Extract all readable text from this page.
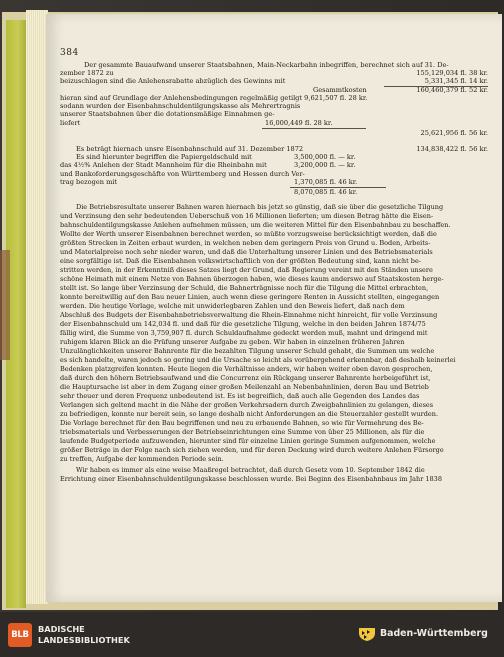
384
Der gesammte Bauaufwand unserer Staatsbahnen, Main-Neckarbahn inbegriffen, berechnet sich auf 31. De-
zember 1872 zu	155,129,034 fl. 38 kr.
beizuschlagen sind die Anlehensrabatte abzüglich des Gewinns mit	5,331,345 fl. 14 kr.
Gesammtkosten	160,460,379 fl. 52 kr.
hieran sind auf Grundlage der Anlehensbedingungen regelmäßig getilgt 9,621,507 fl. 28 kr.
sodann wurden der Eisenbahnschuldentilgungskasse als Mehrertragnis
unserer Staatsbahnen über die dotationsmäßige Einnahmen ge-
liefert	16,000,449 fl. 28 kr.
25,621,956 fl. 56 kr.
Es beträgt hiernach unsre Eisenbahnschuld auf 31. Dezember 1872	134,838,422 fl. 56 kr.
Es sind hierunter begriffen die Papiergeldschuld mit	3,500,000 fl. — kr.
das 4½% Anlehen der Stadt Mannheim für die Rheinbahn mit	3,200,000 fl. — kr.
und Bankoforderungsgeschäfte von Württemberg und Hessen durch Ver-
trag bezogen mit	1,370,085 fl. 46 kr.
8,070,085 fl. 46 kr.
Die Betriebsresultate unserer Bahnen waren hiernach bis jetzt so günstig, daß sie über die gesetzliche Tilgung
und Verzinsung den sehr bedeutenden Ueberschuß von 16 Millionen lieferten; um diesen Betrag hätte die Eisen-
bahnschuldentilgungskasse Anlehen aufnehmen müssen, um die weiteren Mittel für den Eisenbahnbau zu beschaffen.
Wollte der Werth unserer Eisenbahnen berechnet werden, so müßte vorzugsweise berücksichtigt werden, daß die
größten Strecken in Zeiten erbaut wurden, in welchen neben dem geringern Preis von Grund u. Boden, Arbeits-
und Materialpreise noch sehr nieder waren, und daß die Unterhaltung unserer Linien und des Betriebsmaterials
eine sorgfältige ist. Daß die Eisenbahnen volkswirtschaftlich von der größten Bedeutung sind, kann nicht be-
stritten werden, in der Erkenntniß dieses Satzes liegt der Grund, daß Regierung vereint mit den Ständen unsere
schöne Heimath mit einem Netze von Bahnen überzogen haben, wie dieses kaum anderswo auf Staatskosten herge-
stellt ist. So lange über Verzinsung der Schuld, die Bahnerträgnisse noch für die Tilgung die Mittel erbrachten,
konnte bereitwillig auf den Bau neuer Linien, auch wenn diese geringere Renten in Aussicht stellten, eingegangen
werden. Die heutige Vorlage, welche mit unwiderlegbaren Zahlen und den Beweis liefert, daß nach dem
Abschluß des Budgets der Eisenbahnbetriebsverwaltung die Rhein-Einnahme nicht hinreicht, für volle Verzinsung
der Eisenbahnschuld um 142,034 fl. und daß für die gesetzliche Tilgung, welche in den beiden Jahren 1874/75
fällig wird, die Summe von 3,759,907 fl. durch Schuldaufnahme gedeckt werden muß, mahnt und dringend mit
ruhigem klaren Blick an die Prüfung unserer Aufgabe zu geben. Wir haben in einzelnen früheren Jahren
Unzulänglichkeiten unserer Bahnrente für die bezahlten Tilgung unserer Schuld gehabt, die Summen um welche
es sich handelte, waren jedoch so gering und die Ursache so leicht als vorübergehend erkennbar, daß deshalb keinerlei
Bedenken platzgreifen konnten. Heute liegen die Verhältnisse anders, wir haben weiter oben davon gesprochen,
daß durch den höhern Betriebsaufwand und die Concurrenz ein Rückgang unserer Bahnrente herbeigeführt ist,
die Hauptursache ist aber in dem Zugang einer großen Meilenzahl an Nebenbahnlinien, deren Bau und Betrieb
sehr theuer und deren Frequenz unbedeutend ist. Es ist begreiflich, daß auch alle Gegenden des Landes das
Verlangen sich geltend macht in die Nähe der großen Verkehrsadern durch Zweigbahnlinien zu gelangen, dieses
zu befriedigen, konnte nur bereit sein, so lange deshalb nicht Anforderungen an die Steuerzahler gestellt wurden.
Die Vorlage berechnet für den Bau begriffenen und neu zu erbauende Bahnen, so wie für Vermehrung des Be-
triebsmaterials und Verbesserungen der Betriebseinrichtungen eine Summe von über 25 Millionen, als für die
laufende Budgetperiode aufzuwenden, hierunter sind für einzelne Linien geringe Summen aufgenommen, welche
größer Beträge in der Folge nach sich ziehen werden, und für deren Deckung wird durch weitere Anlehen Fürsorge
zu treffen, Aufgabe der kommenden Periode sein.
Wir haben es immer als eine weise Maaßregel betrachtet, daß durch Gesetz vom 10. September 1842 die
Errichtung einer Eisenbahnschuldentilgungskasse beschlossen wurde. Bei Beginn des Eisenbahnbaus im Jahr 1838
BLB
BADISCHE
LANDESBIBLIOTHEK
Baden-Württemberg
